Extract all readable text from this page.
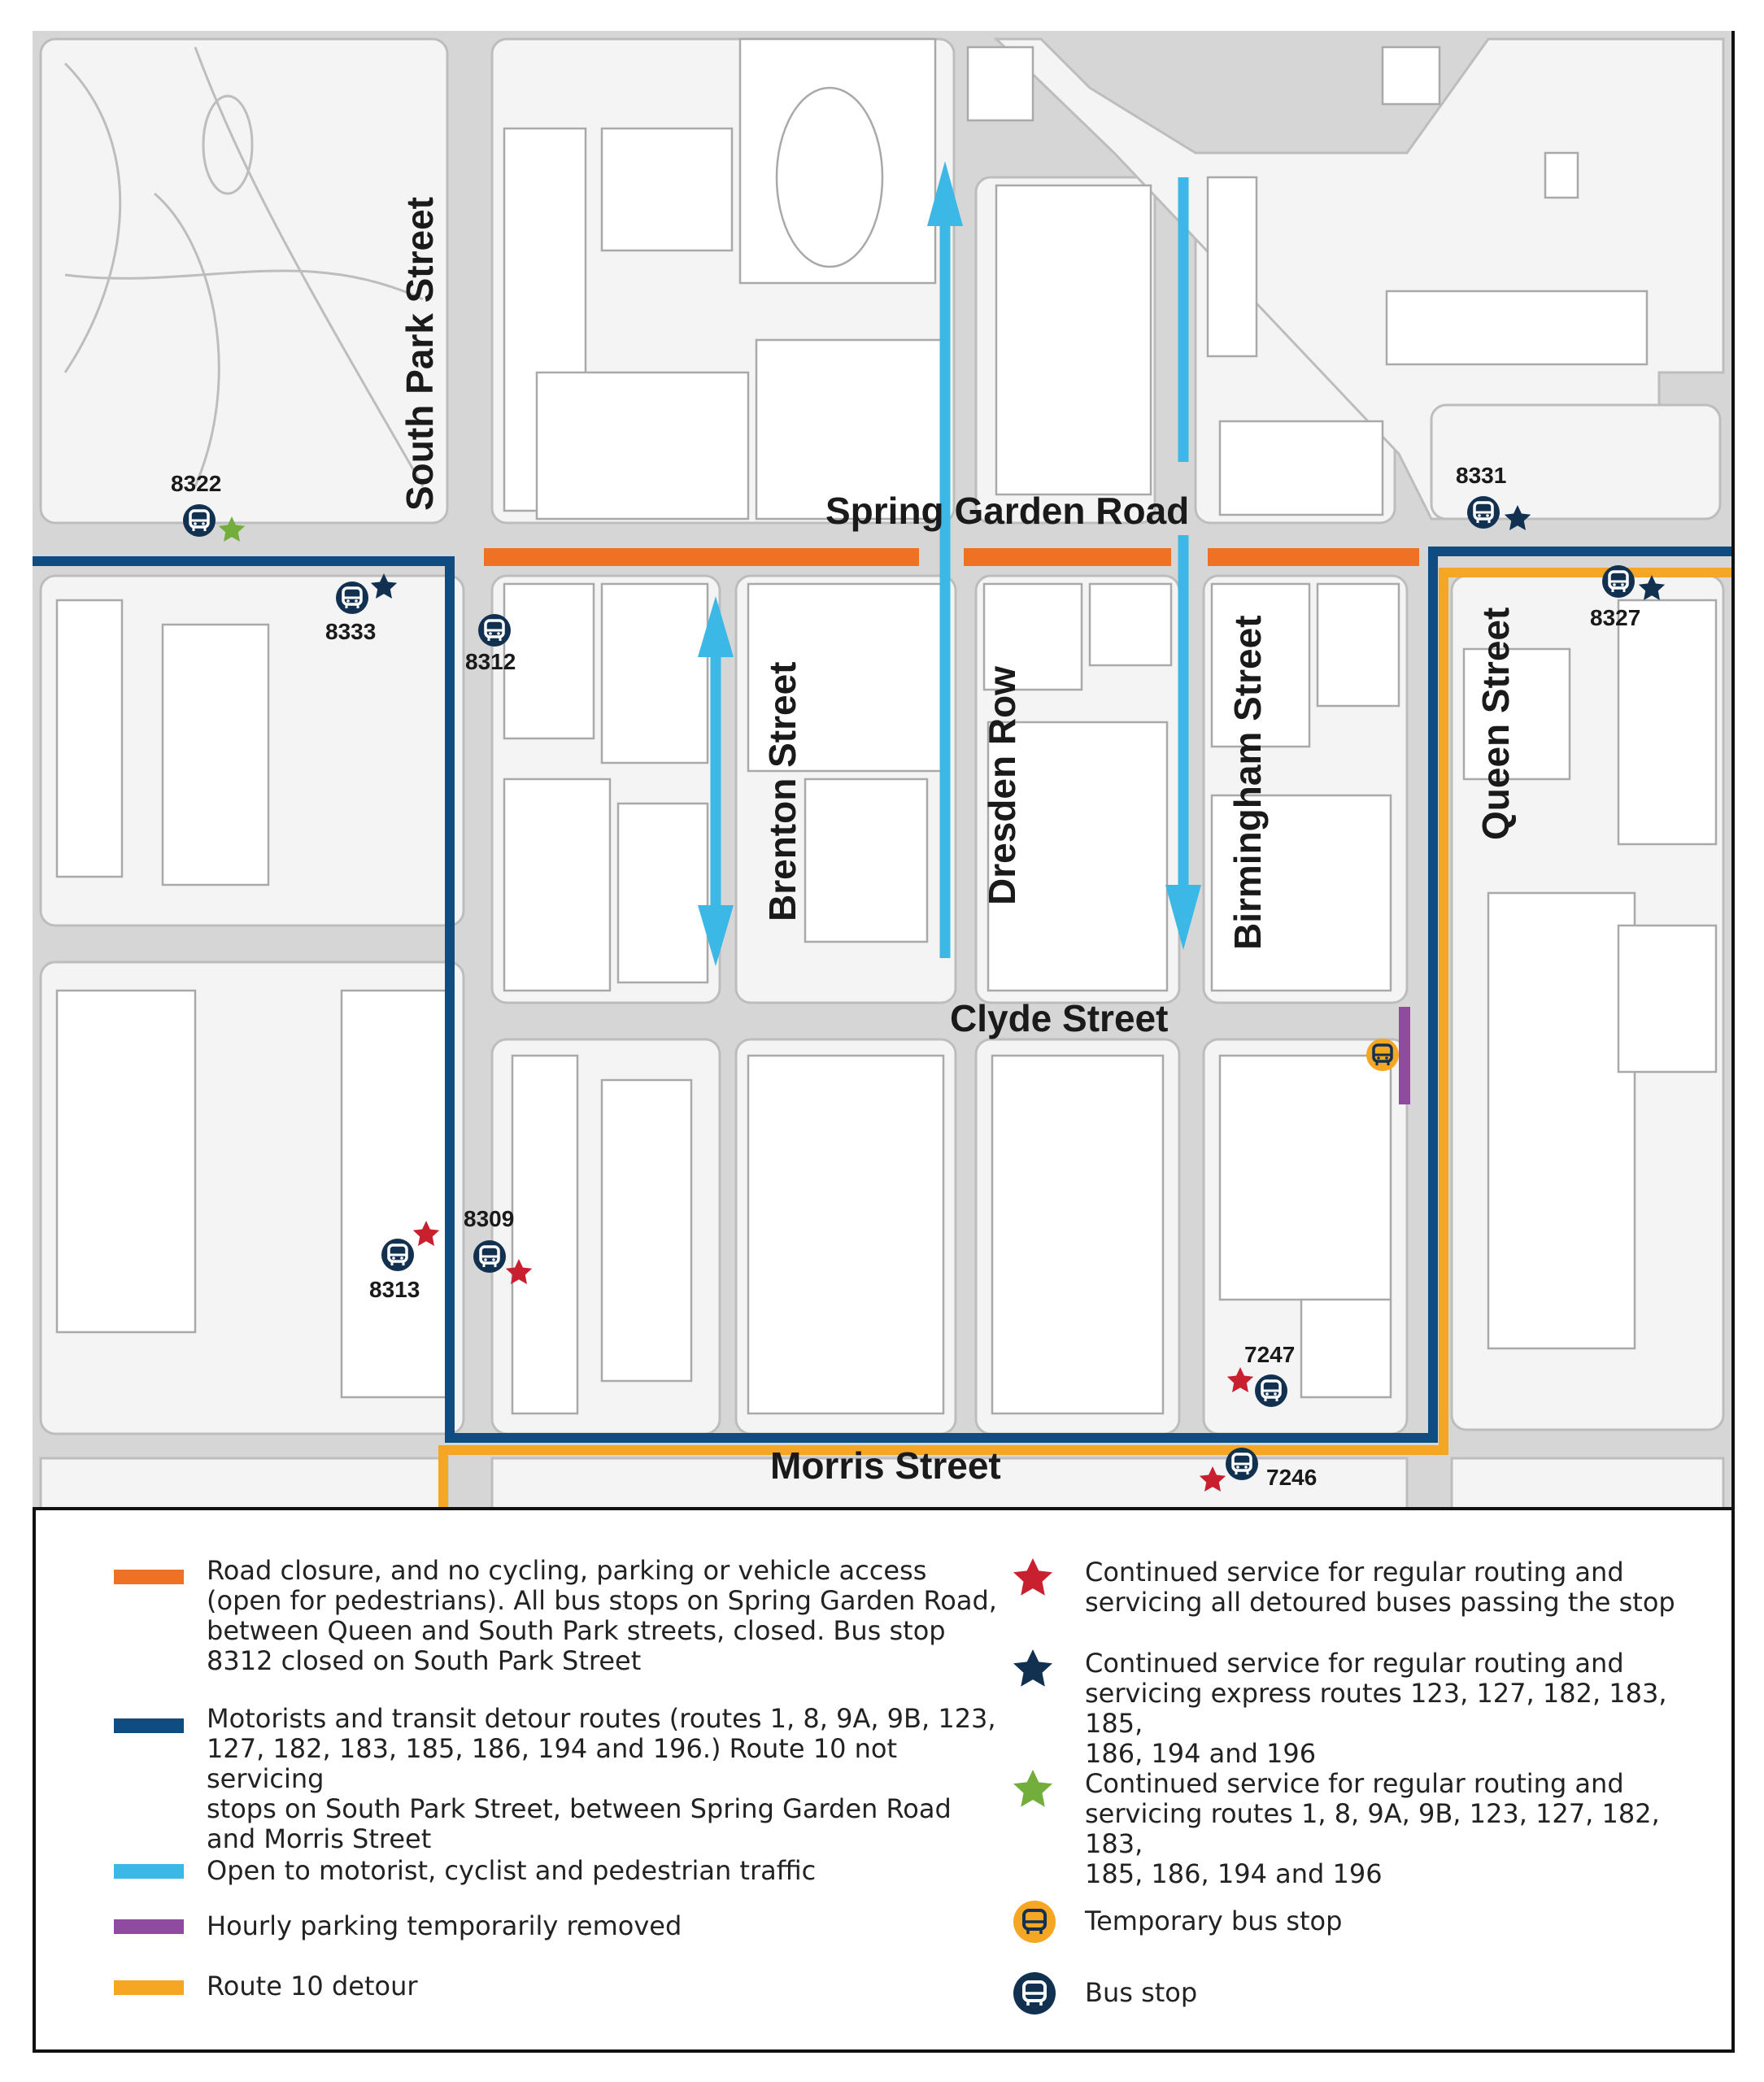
Spring Garden Road
South Park Street
Brenton Street	Dresden Row	Birmingham Street	Queen Street
Clyde Street
Morris Street
8322	8331
8333
8312
8327
8309
8313
7247
7246
Road closure, and no cycling, parking or vehicle access
(open for pedestrians). All bus stops on Spring Garden Road,
between Queen and South Park streets, closed. Bus stop
8312 closed on South Park Street
Motorists and transit detour routes (routes 1, 8, 9A, 9B, 123,
127, 182, 183, 185, 186, 194 and 196.) Route 10 not servicing
stops on South Park Street, between Spring Garden Road
and Morris Street
Open to motorist, cyclist and pedestrian traffic
Hourly parking temporarily removed
Route 10 detour
Continued service for regular routing and
servicing all detoured buses passing the stop
Continued service for regular routing and
servicing express routes 123, 127, 182, 183, 185,
186, 194 and 196
Continued service for regular routing and
servicing routes 1, 8, 9A, 9B, 123, 127, 182, 183,
185, 186, 194 and 196
Temporary bus stop
Bus stop
